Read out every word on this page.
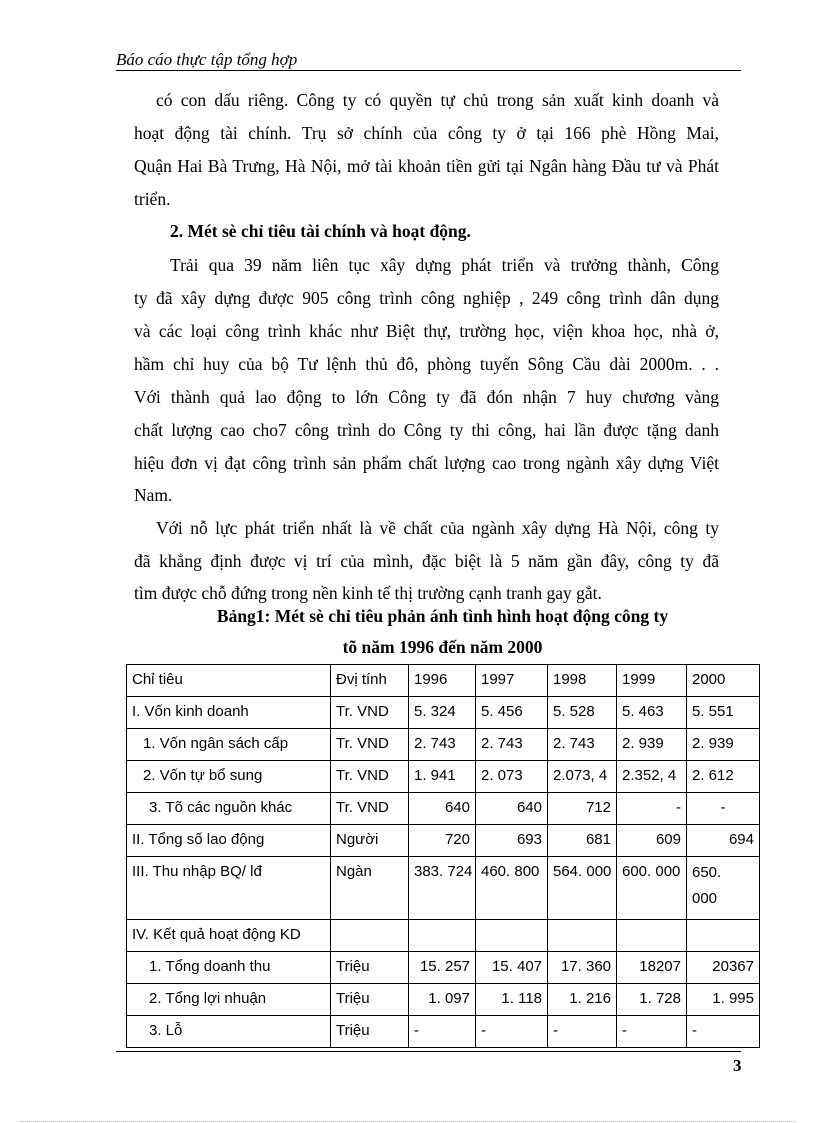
Báo cáo thực tập tổng hợp
có con dấu riêng. Công ty có quyền tự chủ trong sản xuất kinh doanh và
hoạt động tài chính. Trụ sở chính của công ty ở tại 166 phè Hồng Mai,
Quận Hai Bà Trưng, Hà Nội, mở tài khoản tiền gửi tại Ngân hàng Đầu tư và Phát
triển.
2. Mét sè chỉ tiêu tài chính và hoạt động.
Trải qua 39 năm liên tục xây dựng phát triển và trưởng thành, Công
ty đã xây dựng được 905 công trình công nghiệp , 249 công trình dân dụng
và các loại công trình khác như Biệt thự, trường học, viện khoa học, nhà ở,
hầm chỉ huy của bộ Tư lệnh thủ đô, phòng tuyến Sông Cầu dài 2000m. . .
Với thành quả lao động to lớn Công ty đã đón nhận 7 huy chương vàng
chất lượng cao cho7 công trình do Công ty thi công, hai lần được tặng danh
hiệu đơn vị đạt công trình sản phẩm chất lượng cao trong ngành xây dựng Việt
Nam.
Với nỗ lực phát triển nhất là về chất của ngành xây dựng Hà Nội, công ty
đã khẳng định được vị trí của mình, đặc biệt là 5 năm gần đây, công ty đã
tìm được chỗ đứng trong nền kinh tế thị trường cạnh tranh gay gắt.
Bảng1: Mét sè chỉ tiêu phản ánh tình hình hoạt động công ty
tõ năm 1996 đến năm 2000
Chỉ tiêu	Đvị tính	1996	1997	1998	1999	2000
I. Vốn kinh doanh	Tr. VND	5. 324	5. 456	5. 528	5. 463	5. 551
1. Vốn ngân sách cấp	Tr. VND	2. 743	2. 743	2. 743	2. 939	2. 939
2. Vốn tự bổ sung	Tr. VND	1. 941	2. 073	2.073, 4	2.352, 4	2. 612
3. Tõ các nguồn khác	Tr. VND	640	640	712	-	-
II. Tổng số lao động	Người	720	693	681	609	694
III. Thu nhập BQ/ lđ	Ngàn	383. 724	460. 800	564. 000	600. 000	650.
000
IV. Kết quả hoạt động KD						
1. Tổng doanh thu	Triệu	15. 257	15. 407	17. 360	18207	20367
2. Tổng lợi nhuận	Triệu	1. 097	1. 118	1. 216	1. 728	1. 995
3. Lỗ	Triệu	-	-	-	-	-
3
